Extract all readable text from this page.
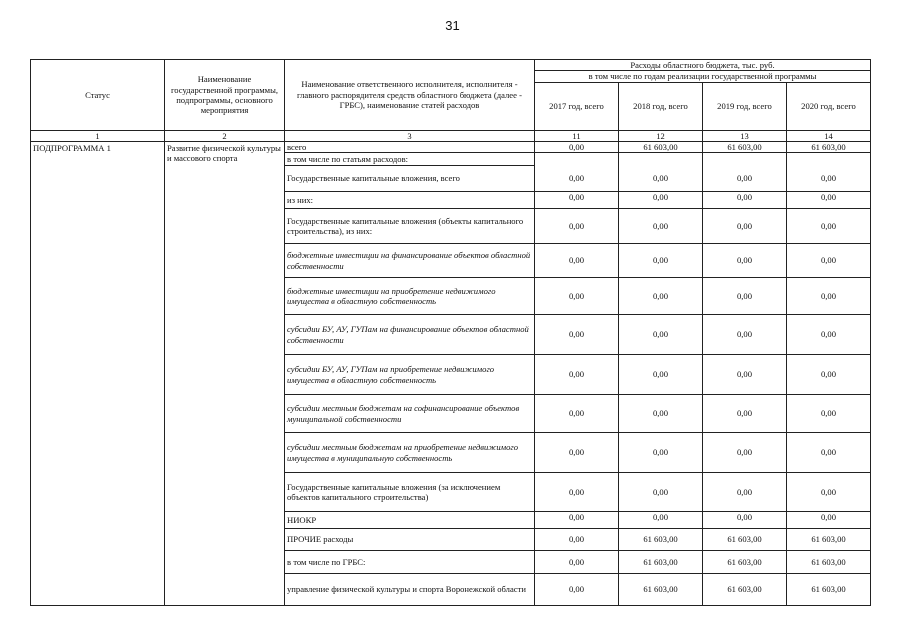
31
Статус	Наименование государственной программы, подпрограммы, основного мероприятия	Наименование ответственного исполнителя, исполнителя - главного распорядителя средств областного бюджета (далее - ГРБС), наименование статей расходов	Расходы областного бюджета, тыс. руб.			
			в том числе по годам реализации государственной программы			
			2017 год, всего	2018 год, всего	2019 год, всего	2020 год, всего
1	2	3	11	12	13	14
ПОДПРОГРАММА 1	Развитие физической культуры и массового спорта	всего	0,00	61 603,00	61 603,00	61 603,00
		в том числе по статьям расходов:				
		Государственные капитальные вложения, всего	0,00	0,00	0,00	0,00
		из них:	0,00	0,00	0,00	0,00
		Государственные капитальные вложения (объекты капитального строительства), из них:	0,00	0,00	0,00	0,00
		бюджетные инвестиции на финансирование объектов областной собственности	0,00	0,00	0,00	0,00
		бюджетные инвестиции на приобретение недвижимого имущества в областную собственность	0,00	0,00	0,00	0,00
		субсидии БУ, АУ, ГУПам на финансирование объектов областной собственности	0,00	0,00	0,00	0,00
		субсидии БУ, АУ, ГУПам на приобретение недвижимого имущества в областную собственность	0,00	0,00	0,00	0,00
		субсидии местным бюджетам на софинансирование объектов муниципальной собственности	0,00	0,00	0,00	0,00
		субсидии местным бюджетам на приобретение недвижимого имущества в муниципальную собственность	0,00	0,00	0,00	0,00
		Государственные капитальные вложения (за исключением объектов капитального строительства)	0,00	0,00	0,00	0,00
		НИОКР	0,00	0,00	0,00	0,00
		ПРОЧИЕ расходы	0,00	61 603,00	61 603,00	61 603,00
		в том числе по ГРБС:	0,00	61 603,00	61 603,00	61 603,00
		управление физической культуры и спорта Воронежской области	0,00	61 603,00	61 603,00	61 603,00
